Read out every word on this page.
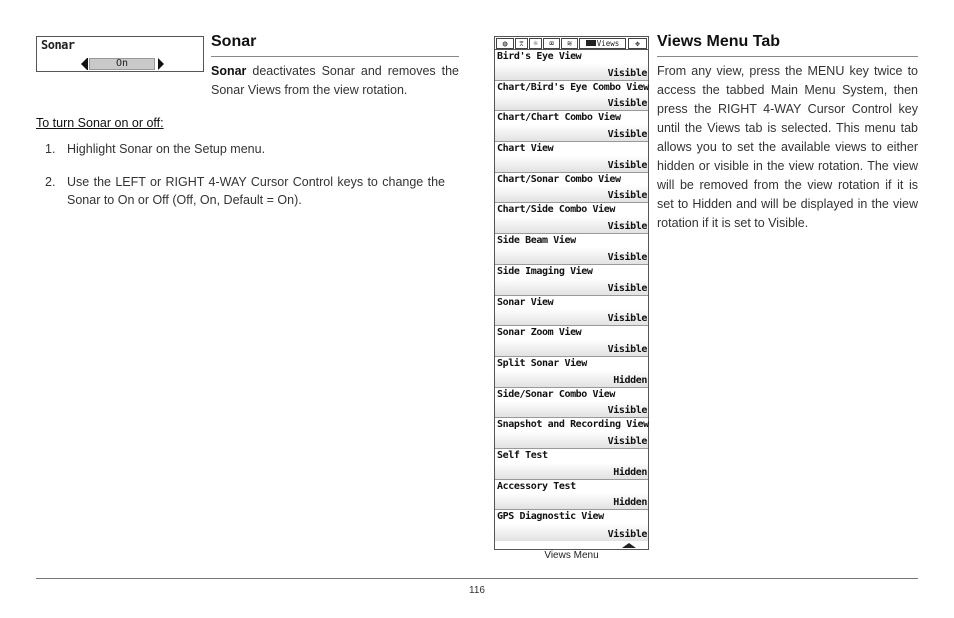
Sonar
On
Sonar
Sonar deactivates Sonar and removes the Sonar Views from the view rotation.
To turn Sonar on or off:
1. Highlight Sonar on the Setup menu.
2. Use the LEFT or RIGHT 4-WAY Cursor Control keys to change the Sonar to On or Off (Off, On, Default = On).
◍	⌆	☼	⌧	≋	Views	✥
Bird's Eye View
Visible
Chart/Bird's Eye Combo View
Visible
Chart/Chart Combo View
Visible
Chart View
Visible
Chart/Sonar Combo View
Visible
Chart/Side Combo View
Visible
Side Beam View
Visible
Side Imaging View
Visible
Sonar View
Visible
Sonar Zoom View
Visible
Split Sonar View
Hidden
Side/Sonar Combo View
Visible
Snapshot and Recording View
Visible
Self Test
Hidden
Accessory Test
Hidden
GPS Diagnostic View
Visible
Views Menu
Views Menu Tab
From any view, press the MENU key twice to access the tabbed Main Menu System, then press the RIGHT 4-WAY Cursor Control key until the Views tab is selected. This menu tab allows you to set the available views to either hidden or visible in the view rotation. The view will be removed from the view rotation if it is set to Hidden and will be displayed in the view rotation if it is set to Visible.
116
